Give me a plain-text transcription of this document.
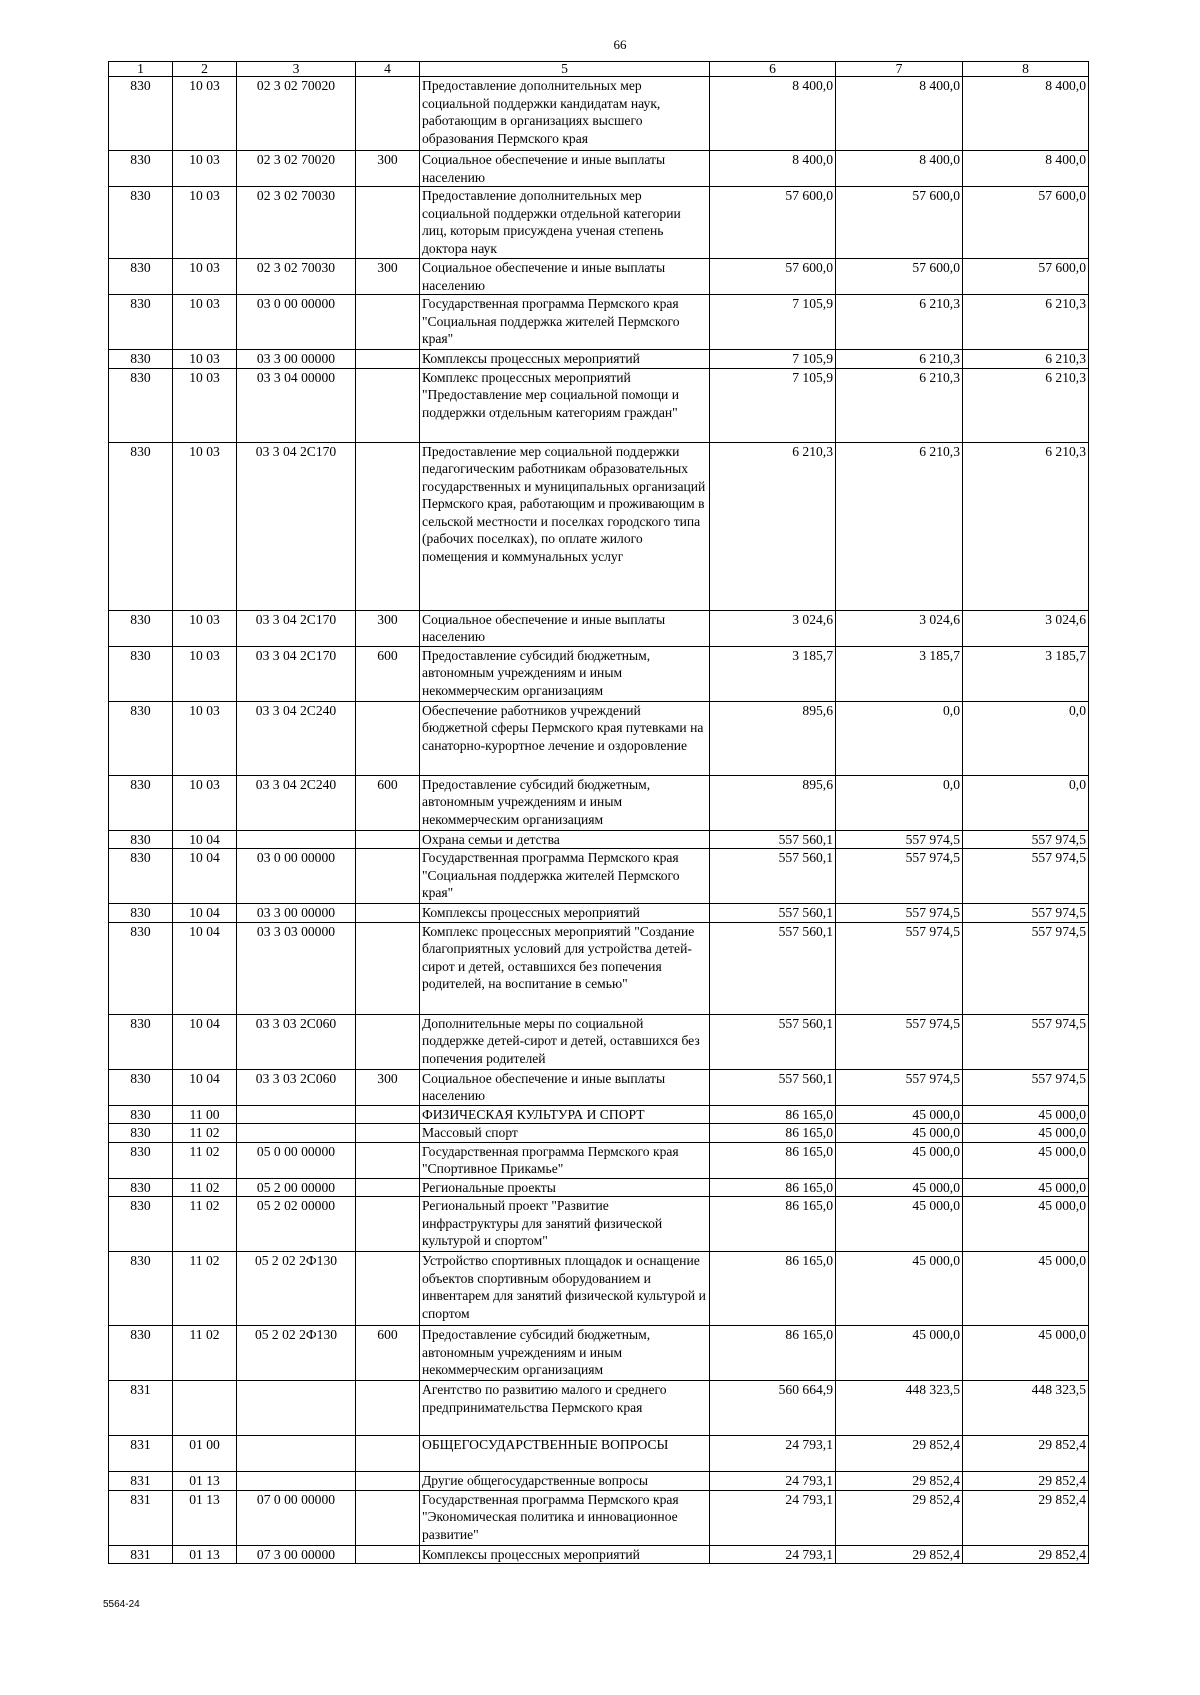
66
1	2	3	4	5	6	7	8
830	10 03	02 3 02 70020		Предоставление дополнительных мер социальной поддержки кандидатам наук, работающим в организациях высшего образования Пермского края	8 400,0	8 400,0	8 400,0
830	10 03	02 3 02 70020	300	Социальное обеспечение и иные выплаты населению	8 400,0	8 400,0	8 400,0
830	10 03	02 3 02 70030		Предоставление дополнительных мер социальной поддержки отдельной категории лиц, которым присуждена ученая степень доктора наук	57 600,0	57 600,0	57 600,0
830	10 03	02 3 02 70030	300	Социальное обеспечение и иные выплаты населению	57 600,0	57 600,0	57 600,0
830	10 03	03 0 00 00000		Государственная программа Пермского края "Социальная поддержка жителей Пермского края"	7 105,9	6 210,3	6 210,3
830	10 03	03 3 00 00000		Комплексы процессных мероприятий	7 105,9	6 210,3	6 210,3
830	10 03	03 3 04 00000		Комплекс процессных мероприятий "Предоставление мер социальной помощи и поддержки отдельным категориям граждан"	7 105,9	6 210,3	6 210,3
830	10 03	03 3 04 2С170		Предоставление мер социальной поддержки педагогическим работникам образовательных государственных и муниципальных организаций Пермского края, работающим и проживающим в сельской местности и поселках городского типа (рабочих поселках), по оплате жилого помещения и коммунальных услуг	6 210,3	6 210,3	6 210,3
830	10 03	03 3 04 2С170	300	Социальное обеспечение и иные выплаты населению	3 024,6	3 024,6	3 024,6
830	10 03	03 3 04 2С170	600	Предоставление субсидий бюджетным, автономным учреждениям и иным некоммерческим организациям	3 185,7	3 185,7	3 185,7
830	10 03	03 3 04 2С240		Обеспечение работников учреждений бюджетной сферы Пермского края путевками на санаторно-курортное лечение и оздоровление	895,6	0,0	0,0
830	10 03	03 3 04 2С240	600	Предоставление субсидий бюджетным, автономным учреждениям и иным некоммерческим организациям	895,6	0,0	0,0
830	10 04			Охрана семьи и детства	557 560,1	557 974,5	557 974,5
830	10 04	03 0 00 00000		Государственная программа Пермского края "Социальная поддержка жителей Пермского края"	557 560,1	557 974,5	557 974,5
830	10 04	03 3 00 00000		Комплексы процессных мероприятий	557 560,1	557 974,5	557 974,5
830	10 04	03 3 03 00000		Комплекс процессных мероприятий "Создание благоприятных условий для устройства детей-сирот и детей, оставшихся без попечения родителей, на воспитание в семью"	557 560,1	557 974,5	557 974,5
830	10 04	03 3 03 2С060		Дополнительные меры по социальной поддержке детей-сирот и детей, оставшихся без попечения родителей	557 560,1	557 974,5	557 974,5
830	10 04	03 3 03 2С060	300	Социальное обеспечение и иные выплаты населению	557 560,1	557 974,5	557 974,5
830	11 00			ФИЗИЧЕСКАЯ КУЛЬТУРА И СПОРТ	86 165,0	45 000,0	45 000,0
830	11 02			Массовый спорт	86 165,0	45 000,0	45 000,0
830	11 02	05 0 00 00000		Государственная программа Пермского края "Спортивное Прикамье"	86 165,0	45 000,0	45 000,0
830	11 02	05 2 00 00000		Региональные проекты	86 165,0	45 000,0	45 000,0
830	11 02	05 2 02 00000		Региональный проект "Развитие инфраструктуры для занятий физической культурой и спортом"	86 165,0	45 000,0	45 000,0
830	11 02	05 2 02 2Ф130		Устройство спортивных площадок и оснащение объектов спортивным оборудованием и инвентарем для занятий физической культурой и спортом	86 165,0	45 000,0	45 000,0
830	11 02	05 2 02 2Ф130	600	Предоставление субсидий бюджетным, автономным учреждениям и иным некоммерческим организациям	86 165,0	45 000,0	45 000,0
831				Агентство по развитию малого и среднего предпринимательства Пермского края	560 664,9	448 323,5	448 323,5
831	01 00			ОБЩЕГОСУДАРСТВЕННЫЕ ВОПРОСЫ	24 793,1	29 852,4	29 852,4
831	01 13			Другие общегосударственные вопросы	24 793,1	29 852,4	29 852,4
831	01 13	07 0 00 00000		Государственная программа Пермского края "Экономическая политика и инновационное развитие"	24 793,1	29 852,4	29 852,4
831	01 13	07 3 00 00000		Комплексы процессных мероприятий	24 793,1	29 852,4	29 852,4
5564-24
